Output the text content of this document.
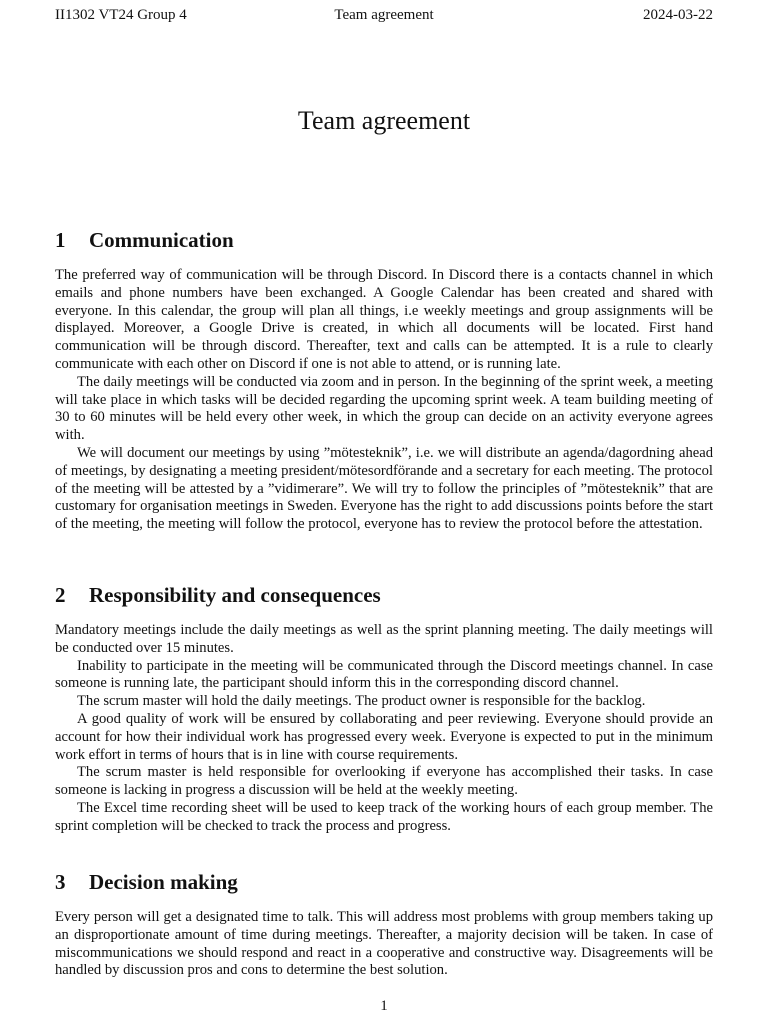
II1302 VT24 Group 4	Team agreement	2024-03-22
Team agreement
1 Communication

The preferred way of communication will be through Discord. In Discord there is a contacts channel in which emails and phone numbers have been exchanged. A Google Calendar has been created and shared with everyone. In this calendar, the group will plan all things, i.e weekly meetings and group assignments will be displayed. Moreover, a Google Drive is created, in which all documents will be located. First hand communication will be through discord. Thereafter, text and calls can be attempted. It is a rule to clearly communicate with each other on Discord if one is not able to attend, or is running late.

The daily meetings will be conducted via zoom and in person. In the beginning of the sprint week, a meeting will take place in which tasks will be decided regarding the upcoming sprint week. A team building meeting of 30 to 60 minutes will be held every other week, in which the group can decide on an activity everyone agrees with.

We will document our meetings by using ”mötesteknik”, i.e. we will distribute an agenda/dagordning ahead of meetings, by designating a meeting president/mötesordförande and a secretary for each meeting. The protocol of the meeting will be attested by a ”vidimerare”. We will try to follow the principles of ”mötesteknik” that are customary for organisation meetings in Sweden. Everyone has the right to add discussions points before the start of the meeting, the meeting will follow the protocol, everyone has to review the protocol before the attestation.

2 Responsibility and consequences

Mandatory meetings include the daily meetings as well as the sprint planning meeting. The daily meetings will be conducted over 15 minutes.

Inability to participate in the meeting will be communicated through the Discord meetings channel. In case someone is running late, the participant should inform this in the corresponding discord channel.

The scrum master will hold the daily meetings. The product owner is responsible for the backlog.

A good quality of work will be ensured by collaborating and peer reviewing. Everyone should provide an account for how their individual work has progressed every week. Everyone is expected to put in the minimum work effort in terms of hours that is in line with course requirements.

The scrum master is held responsible for overlooking if everyone has accomplished their tasks. In case someone is lacking in progress a discussion will be held at the weekly meeting.

The Excel time recording sheet will be used to keep track of the working hours of each group member. The sprint completion will be checked to track the process and progress.

3 Decision making

Every person will get a designated time to talk. This will address most problems with group members taking up an disproportionate amount of time during meetings. Thereafter, a majority decision will be taken. In case of miscommunications we should respond and react in a cooperative and constructive way. Disagreements will be handled by discussion pros and cons to determine the best solution.

1
